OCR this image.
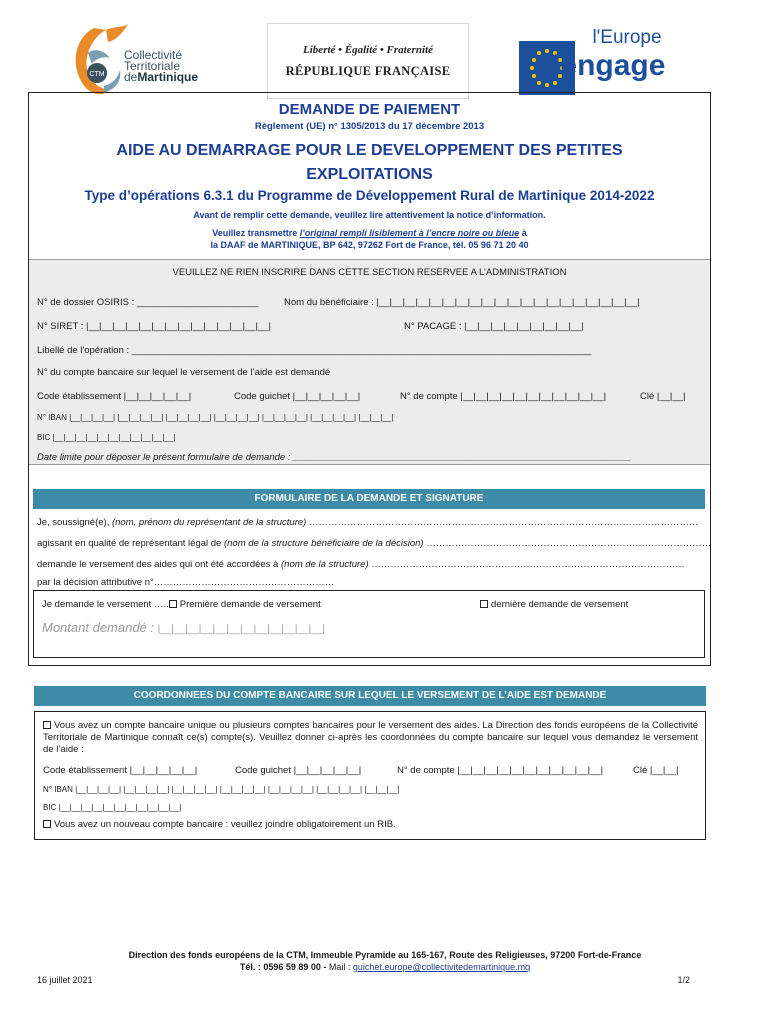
CTM
Collectivité
Territoriale
deMartinique
Liberté • Égalité • Fraternité
RÉPUBLIQUE FRANÇAISE
l'Europe
s'engage
DEMANDE DE PAIEMENT
Règlement (UE) n° 1305/2013 du 17 décembre 2013
AIDE AU DEMARRAGE POUR LE DEVELOPPEMENT DES PETITES EXPLOITATIONS
Type d’opérations 6.3.1 du Programme de Développement Rural de Martinique 2014-2022
Avant de remplir cette demande, veuillez lire attentivement la notice d’information.
Veuillez transmettre l’original rempli lisiblement à l’encre noire ou bleue à
la DAAF de MARTINIQUE, BP 642, 97262 Fort de France, tél. 05 96 71 20 40
VEUILLEZ NE RIEN INSCRIRE DANS CETTE SECTION RESERVEE A L’ADMINISTRATION
N° de dossier OSIRIS : _______________________	Nom du bénéficiaire : |__|__|__|__|__|__|__|__|__|__|__|__|__|__|__|__|__|__|__|__|
N° SIRET : |__|__|__|__|__|__|__|__|__|__|__|__|__|__|	N° PACAGE : |__|__|__|__|__|__|__|__|__|
Libellé de l'opération : _______________________________________________________________________________________
N° du compte bancaire sur lequel le versement de l’aide est demandé
Code établissement |__|__|__|__|__|	Code guichet |__|__|__|__|__|	N° de compte |__|__|__|__|__|__|__|__|__|__|__|	Clé |__|__|
N° IBAN |__|__|__|__| |__|__|__|__| |__|__|__|__| |__|__|__|__| |__|__|__|__| |__|__|__|__| |__|__|__|
BIC |__|__|__|__|__|__|__|__|__|__|__|
Date limite pour déposer le présent formulaire de demande : ________________________________________________________________
FORMULAIRE DE LA DEMANDE ET SIGNATURE
Je, soussigné(e), (nom, prénom du représentant de la structure) ……………………………………………………………………………………………………………
agissant en qualité de représentant légal de (nom de la structure bénéficiaire de la décision) ………………………………………………………………………………
demande le versement des aides qui ont été accordées à (nom de la structure) ………………………………………………………………………………………
par la décision attributive n°…………………………………………………
Je demande le versement ….. Première demande de versement	dernière demande de versement
Montant demandé : |__|__|__|__|__|__|__|__|__|__|__|__|
COORDONNEES DU COMPTE BANCAIRE SUR LEQUEL LE VERSEMENT DE L’AIDE EST DEMANDE
Vous avez un compte bancaire unique ou plusieurs comptes bancaires pour le versement des aides. La Direction des fonds européens de la Collectivité Territoriale de Martinique connaît ce(s) compte(s). Veuillez donner ci-après les coordonnées du compte bancaire sur lequel vous demandez le versement de l’aide :
Code établissement |__|__|__|__|__|	Code guichet |__|__|__|__|__|	N° de compte |__|__|__|__|__|__|__|__|__|__|__|	Clé |__|__|
N° IBAN |__|__|__|__| |__|__|__|__| |__|__|__|__| |__|__|__|__| |__|__|__|__| |__|__|__|__| |__|__|__|
BIC |__|__|__|__|__|__|__|__|__|__|__|
Vous avez un nouveau compte bancaire : veuillez joindre obligatoirement un RIB.
Direction des fonds européens de la CTM, Immeuble Pyramide au 165-167, Route des Religieuses, 97200 Fort-de-France
Tél. : 0596 59 89 00 - Mail : guichet.europe@collectivitedemartinique.mq
16 juillet 2021	1/2
